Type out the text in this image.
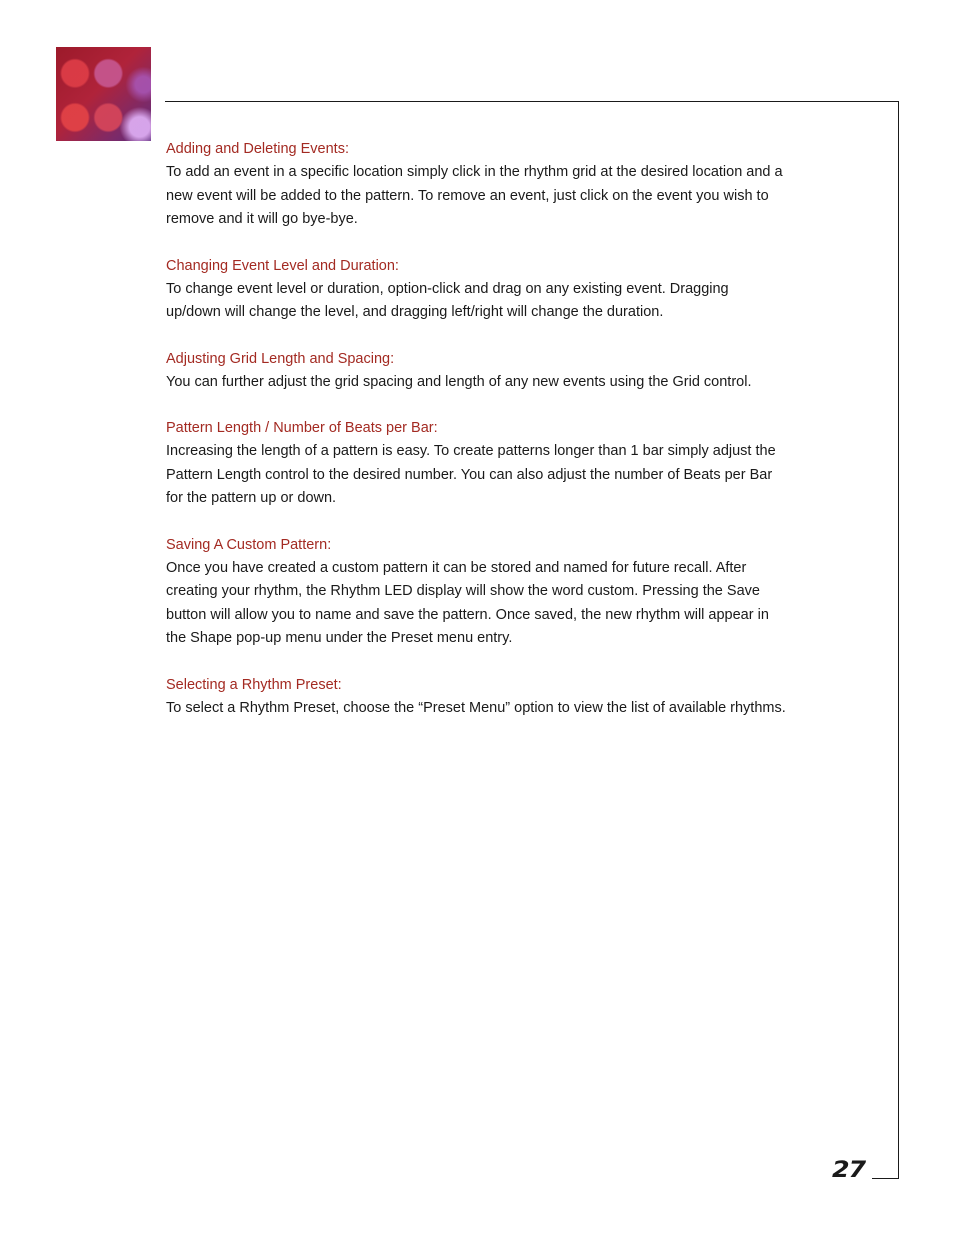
Adding and Deleting Events:

To add an event in a specific location simply click in the rhythm grid at the desired location and a new event will be added to the pattern. To remove an event, just click on the event you wish to remove and it will go bye-bye.

Changing Event Level and Duration:

To change event level or duration, option-click and drag on any existing event. Dragging up/down will change the level, and dragging left/right will change the duration.

Adjusting Grid Length and Spacing:

You can further adjust the grid spacing and length of any new events using the Grid control.

Pattern Length / Number of Beats per Bar:

Increasing the length of a pattern is easy. To create patterns longer than 1 bar simply adjust the Pattern Length control to the desired number. You can also adjust the number of Beats per Bar for the pattern up or down.

Saving A Custom Pattern:

Once you have created a custom pattern it can be stored and named for future recall. After creating your rhythm, the Rhythm LED display will show the word custom. Pressing the Save button will allow you to name and save the pattern. Once saved, the new rhythm will appear in the Shape pop-up menu under the Preset menu entry.

Selecting a Rhythm Preset:

To select a Rhythm Preset, choose the “Preset Menu” option to view the list of available rhythms.

27
